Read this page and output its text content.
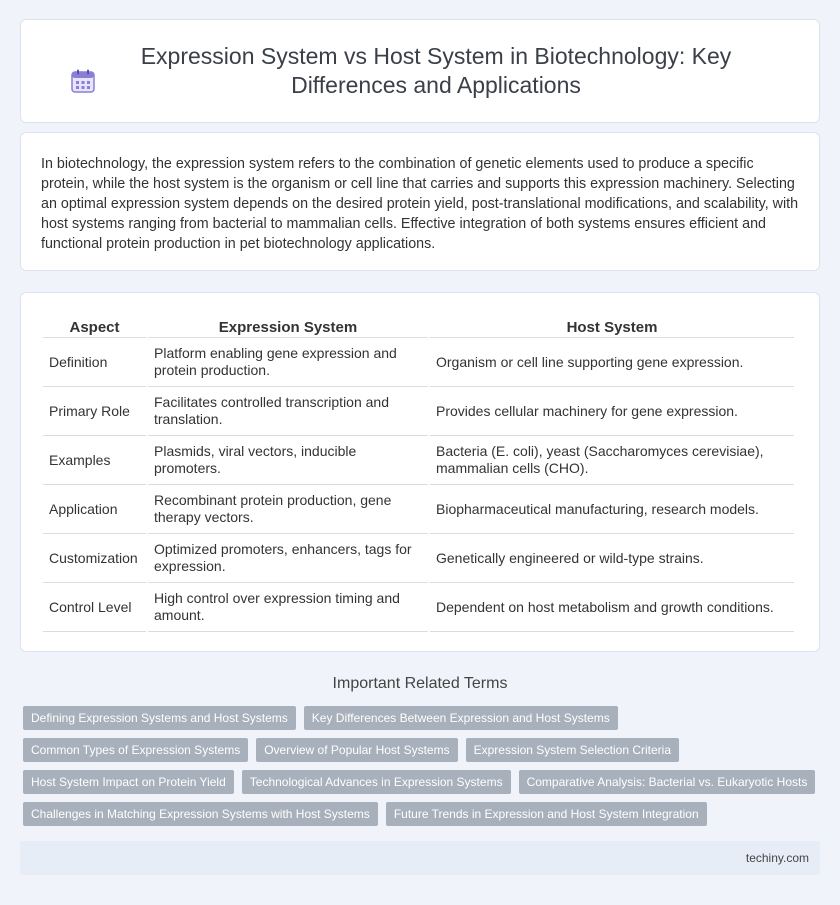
Expression System vs Host System in Biotechnology: Key Differences and Applications

In biotechnology, the expression system refers to the combination of genetic elements used to produce a specific protein, while the host system is the organism or cell line that carries and supports this expression machinery. Selecting an optimal expression system depends on the desired protein yield, post-translational modifications, and scalability, with host systems ranging from bacterial to mammalian cells. Effective integration of both systems ensures efficient and functional protein production in pet biotechnology applications.

Aspect	Expression System	Host System
Definition	Platform enabling gene expression and protein production.	Organism or cell line supporting gene expression.
Primary Role	Facilitates controlled transcription and translation.	Provides cellular machinery for gene expression.
Examples	Plasmids, viral vectors, inducible promoters.	Bacteria (E. coli), yeast (Saccharomyces cerevisiae), mammalian cells (CHO).
Application	Recombinant protein production, gene therapy vectors.	Biopharmaceutical manufacturing, research models.
Customization	Optimized promoters, enhancers, tags for expression.	Genetically engineered or wild-type strains.
Control Level	High control over expression timing and amount.	Dependent on host metabolism and growth conditions.
Important Related Terms
Defining Expression Systems and Host Systems	Key Differences Between Expression and Host Systems
Common Types of Expression Systems	Overview of Popular Host Systems	Expression System Selection Criteria
Host System Impact on Protein Yield	Technological Advances in Expression Systems	Comparative Analysis: Bacterial vs. Eukaryotic Hosts
Challenges in Matching Expression Systems with Host Systems	Future Trends in Expression and Host System Integration
techiny.com
